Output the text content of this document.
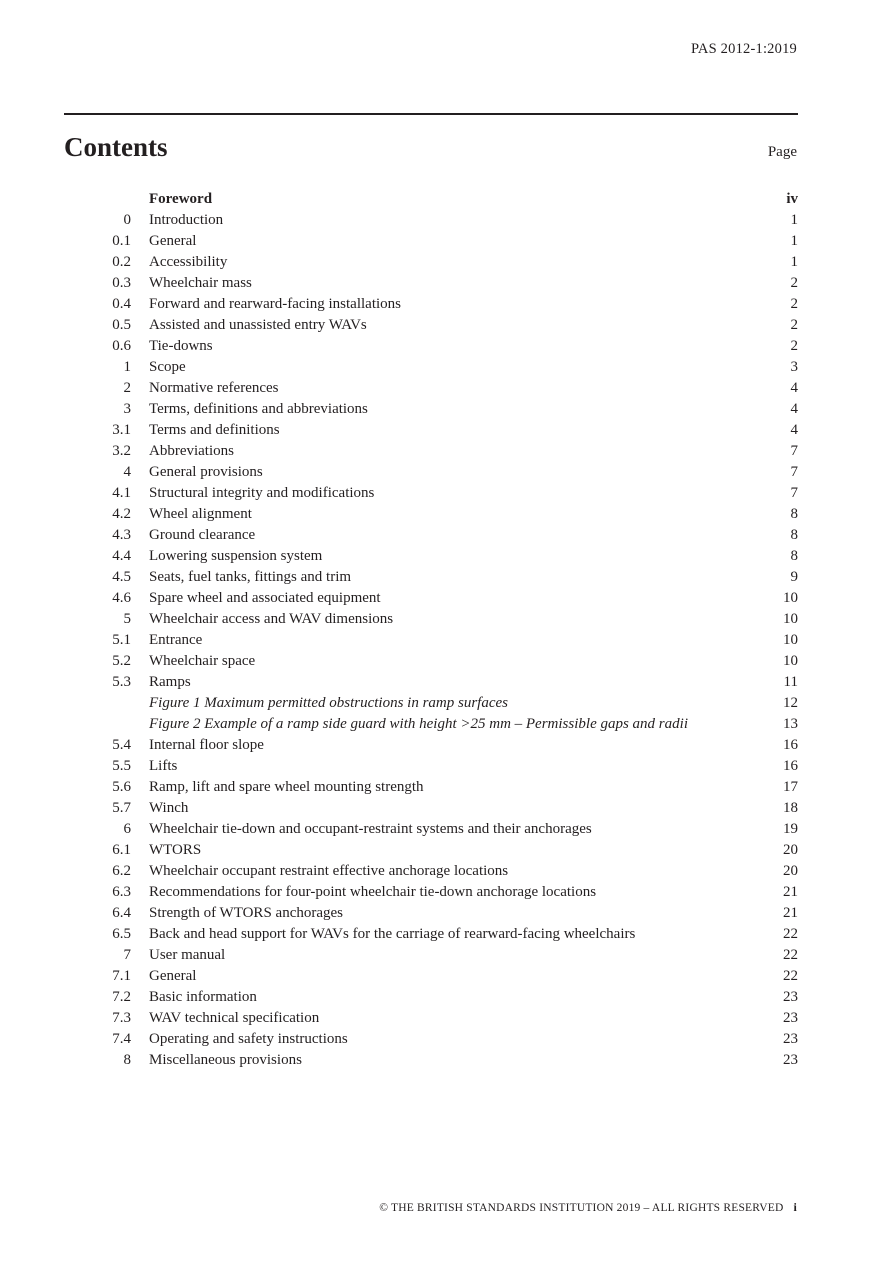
PAS 2012-1:2019
Contents	Page
Foreword	iv
0 Introduction	1
0.1 General	1
0.2 Accessibility	1
0.3 Wheelchair mass	2
0.4 Forward and rearward-facing installations	2
0.5 Assisted and unassisted entry WAVs	2
0.6 Tie-downs	2
1 Scope	3
2 Normative references	4
3 Terms, definitions and abbreviations	4
3.1 Terms and definitions	4
3.2 Abbreviations	7
4 General provisions	7
4.1 Structural integrity and modifications	7
4.2 Wheel alignment	8
4.3 Ground clearance	8
4.4 Lowering suspension system	8
4.5 Seats, fuel tanks, fittings and trim	9
4.6 Spare wheel and associated equipment	10
5 Wheelchair access and WAV dimensions	10
5.1 Entrance	10
5.2 Wheelchair space	10
5.3 Ramps	11
Figure 1 Maximum permitted obstructions in ramp surfaces	12
Figure 2 Example of a ramp side guard with height >25 mm – Permissible gaps and radii	13
5.4 Internal floor slope	16
5.5 Lifts	16
5.6 Ramp, lift and spare wheel mounting strength	17
5.7 Winch	18
6 Wheelchair tie-down and occupant-restraint systems and their anchorages	19
6.1 WTORS	20
6.2 Wheelchair occupant restraint effective anchorage locations	20
6.3 Recommendations for four-point wheelchair tie-down anchorage locations	21
6.4 Strength of WTORS anchorages	21
6.5 Back and head support for WAVs for the carriage of rearward-facing wheelchairs	22
7 User manual	22
7.1 General	22
7.2 Basic information	23
7.3 WAV technical specification	23
7.4 Operating and safety instructions	23
8 Miscellaneous provisions	23
© THE BRITISH STANDARDS INSTITUTION 2019 – ALL RIGHTS RESERVED i
